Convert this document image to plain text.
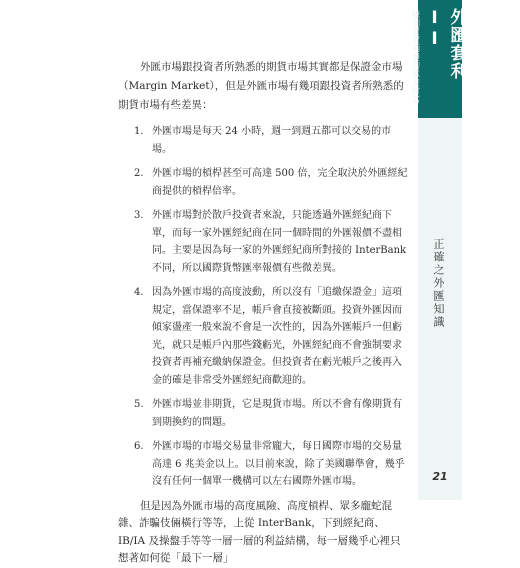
外匯套利II
賺到買賣兩邊的匯差財富
正確之外匯知識

外匯市場跟投資者所熟悉的期貨市場其實都是保證金市場（Margin Market），但是外匯市場有幾項跟投資者所熟悉的期貨市場有些差異：

1. 外匯市場是每天 24 小時，週一到週五都可以交易的市場。
2. 外匯市場的槓桿甚至可高達 500 倍，完全取決於外匯經紀商提供的槓桿倍率。
3. 外匯市場對於散戶投資者來說，只能透過外匯經紀商下單，而每一家外匯經紀商在同一個時間的外匯報價不盡相同。主要是因為每一家的外匯經紀商所對接的 InterBank 不同，所以國際貨幣匯率報價有些微差異。
4. 因為外匯市場的高度波動，所以沒有「追繳保證金」這項規定，當保證率不足，帳戶會直接被斷頭。投資外匯因而傾家盪產一般來說不會是一次性的，因為外匯帳戶一但虧光，就只是帳戶內那些錢虧光，外匯經紀商不會強制要求投資者再補充繳納保證金。但投資者在虧光帳戶之後再入金的確是非常受外匯經紀商歡迎的。
5. 外匯市場並非期貨，它是現貨市場。所以不會有像期貨有到期換約的問題。
6. 外匯市場的市場交易量非常龐大，每日國際市場的交易量高達 6 兆美金以上。以目前來說，除了美國聯準會，幾乎沒有任何一個單一機構可以左右國際外匯市場。

但是因為外匯市場的高度風險、高度槓桿、眾多龐蛇混雜、詐騙伎倆橫行等等，上從 InterBank，下到經紀商、IB/IA 及操盤手等等一層一層的利益結構，每一層幾乎心裡只想著如何從「最下一層」

21
